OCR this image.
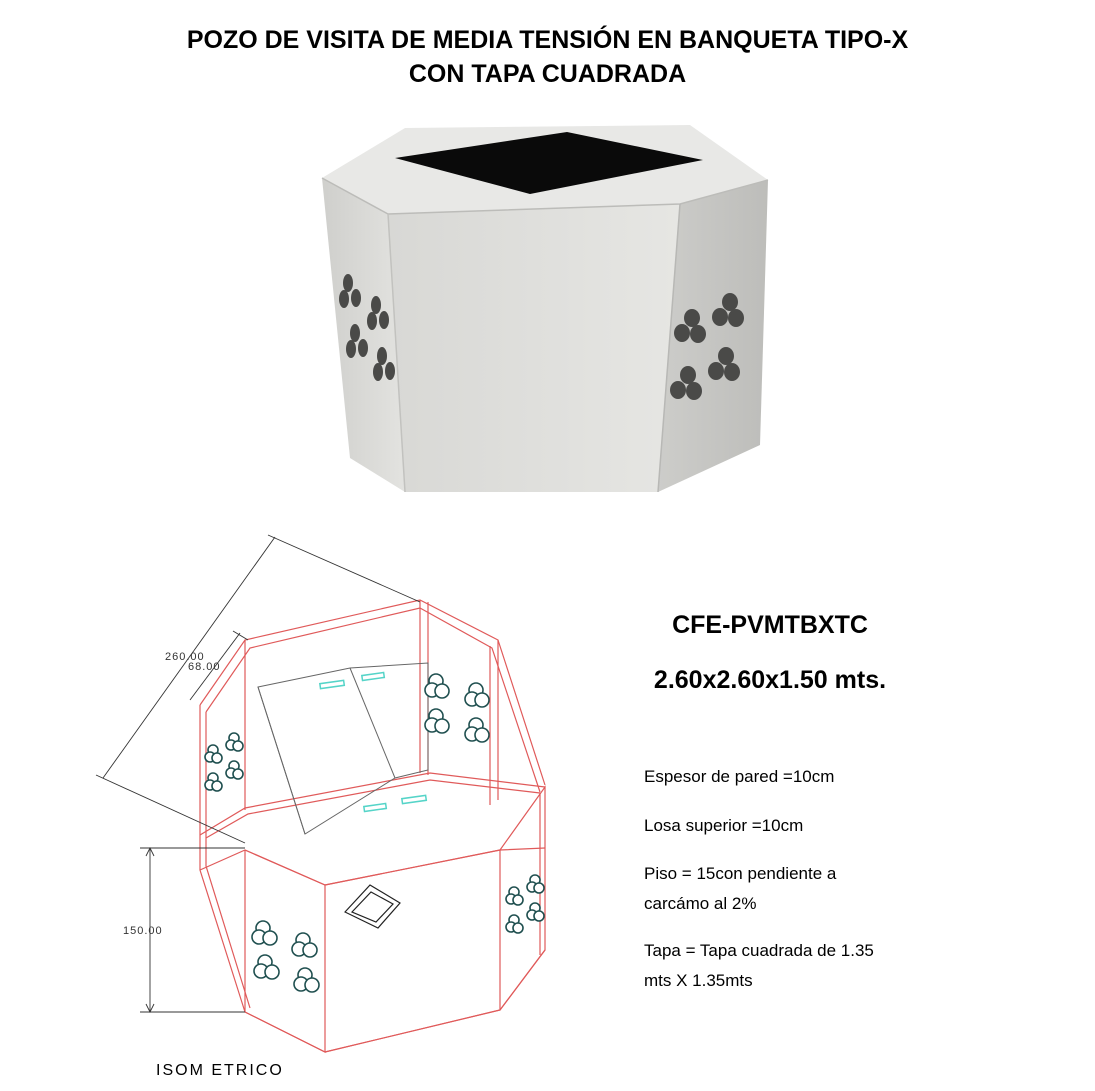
POZO DE VISITA DE MEDIA TENSIÓN EN BANQUETA TIPO-X
CON TAPA CUADRADA
260.00
68.00
150.00
CFE-PVMTBXTC
2.60x2.60x1.50 mts.
Espesor de pared =10cm
Losa superior =10cm
Piso = 15con pendiente a
carcámo al 2%
Tapa = Tapa cuadrada de 1.35
mts X 1.35mts
ISOM ETRICO
